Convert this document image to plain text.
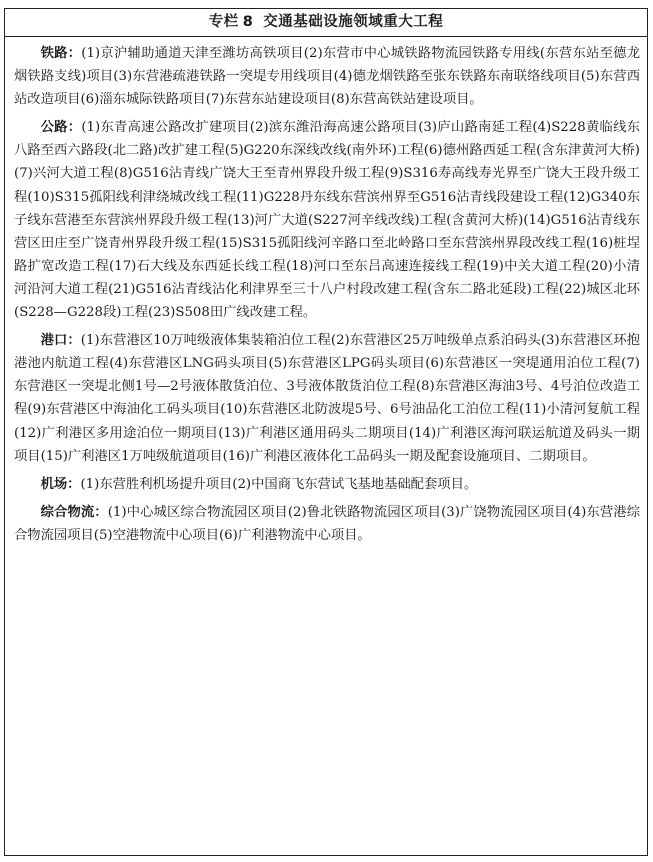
专栏 8 交通基础设施领域重大工程

铁路：(1)京沪辅助通道天津至潍坊高铁项目(2)东营市中心城铁路物流园铁路专用线(东营东站至德龙烟铁路支线)项目(3)东营港疏港铁路一突堤专用线项目(4)德龙烟铁路至张东铁路东南联络线项目(5)东营西站改造项目(6)淄东城际铁路项目(7)东营东站建设项目(8)东营高铁站建设项目。

公路：(1)东青高速公路改扩建项目(2)滨东潍沿海高速公路项目(3)庐山路南延工程(4)S228黄临线东八路至西六路段(北二路)改扩建工程(5)G220东深线改线(南外环)工程(6)德州路西延工程(含东津黄河大桥)(7)兴河大道工程(8)G516沾青线广饶大王至青州界段升级工程(9)S316寿高线寿光界至广饶大王段升级工程(10)S315孤阳线利津绕城改线工程(11)G228丹东线东营滨州界至G516沾青线段建设工程(12)G340东子线东营港至东营滨州界段升级工程(13)河广大道(S227河辛线改线)工程(含黄河大桥)(14)G516沾青线东营区田庄至广饶青州界段升级工程(15)S315孤阳线河辛路口至北岭路口至东营滨州界段改线工程(16)桩埕路扩宽改造工程(17)石大线及东西延长线工程(18)河口至东吕高速连接线工程(19)中关大道工程(20)小清河沿河大道工程(21)G516沾青线沾化利津界至三十八户村段改建工程(含东二路北延段)工程(22)城区北环(S228—G228段)工程(23)S508田广线改建工程。

港口：(1)东营港区10万吨级液体集装箱泊位工程(2)东营港区25万吨级单点系泊码头(3)东营港区环抱港池内航道工程(4)东营港区LNG码头项目(5)东营港区LPG码头项目(6)东营港区一突堤通用泊位工程(7)东营港区一突堤北侧1号—2号液体散货泊位、3号液体散货泊位工程(8)东营港区海油3号、4号泊位改造工程(9)东营港区中海油化工码头项目(10)东营港区北防波堤5号、6号油品化工泊位工程(11)小清河复航工程(12)广利港区多用途泊位一期项目(13)广利港区通用码头二期项目(14)广利港区海河联运航道及码头一期项目(15)广利港区1万吨级航道项目(16)广利港区液体化工品码头一期及配套设施项目、二期项目。

机场：(1)东营胜利机场提升项目(2)中国商飞东营试飞基地基础配套项目。

综合物流：(1)中心城区综合物流园区项目(2)鲁北铁路物流园区项目(3)广饶物流园区项目(4)东营港综合物流园项目(5)空港物流中心项目(6)广利港物流中心项目。
